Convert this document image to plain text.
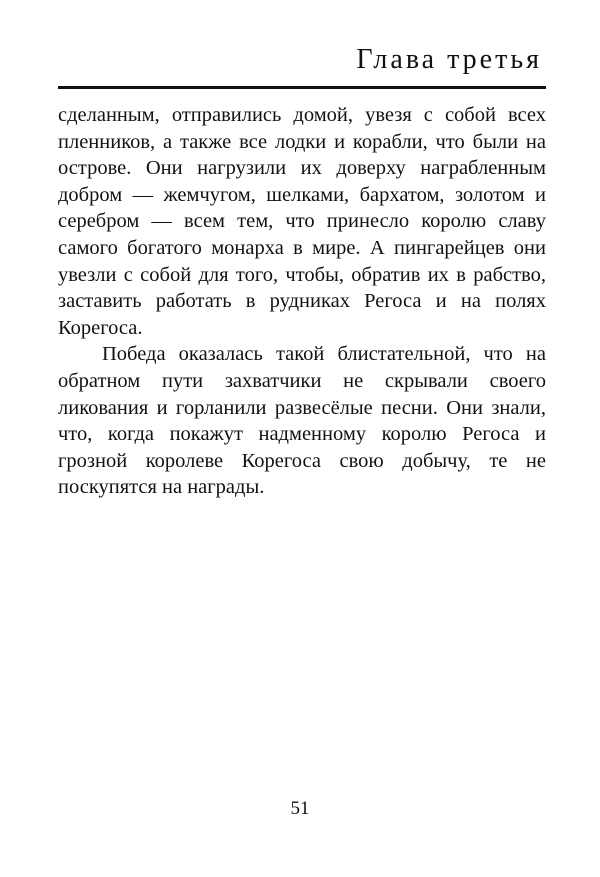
Глава третья

сделанным, отправились домой, увезя с собой всех пленников, а также все лодки и корабли, что были на острове. Они нагрузили их доверху награбленным добром — жемчугом, шелками, бархатом, золотом и серебром — всем тем, что принесло королю славу самого богатого монарха в мире. А пингарейцев они увезли с собой для того, чтобы, обратив их в рабство, заставить работать в рудниках Регоса и на полях Корегоса.

Победа оказалась такой блистательной, что на обратном пути захватчики не скрывали своего ликования и горланили развесёлые песни. Они знали, что, когда покажут надменному королю Регоса и грозной королеве Корегоса свою добычу, те не поскупятся на награды.

51
